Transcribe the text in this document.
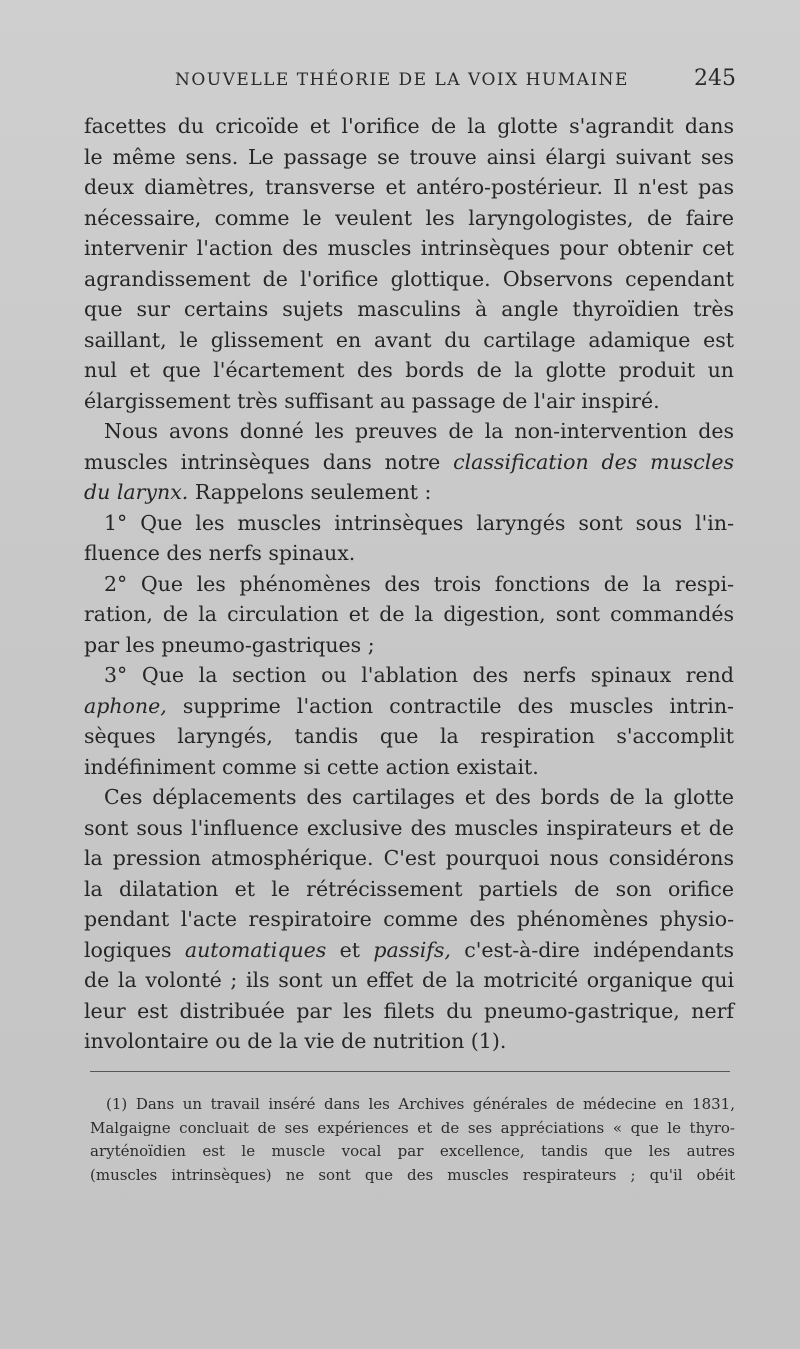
NOUVELLE THÉORIE DE LA VOIX HUMAINE	245
facettes du cricoïde et l'orifice de la glotte s'agrandit dans
le même sens. Le passage se trouve ainsi élargi suivant ses
deux diamètres, transverse et antéro-postérieur. Il n'est pas
nécessaire, comme le veulent les laryngologistes, de faire
intervenir l'action des muscles intrinsèques pour obtenir cet
agrandissement de l'orifice glottique. Observons cependant
que sur certains sujets masculins à angle thyroïdien très
saillant, le glissement en avant du cartilage adamique est
nul et que l'écartement des bords de la glotte produit un
élargissement très suffisant au passage de l'air inspiré.
Nous avons donné les preuves de la non-intervention des
muscles intrinsèques dans notre classification des muscles
du larynx. Rappelons seulement :
1° Que les muscles intrinsèques laryngés sont sous l'in-
fluence des nerfs spinaux.
2° Que les phénomènes des trois fonctions de la respi-
ration, de la circulation et de la digestion, sont commandés
par les pneumo-gastriques ;
3° Que la section ou l'ablation des nerfs spinaux rend
aphone, supprime l'action contractile des muscles intrin-
sèques laryngés, tandis que la respiration s'accomplit
indéfiniment comme si cette action existait.
Ces déplacements des cartilages et des bords de la glotte
sont sous l'influence exclusive des muscles inspirateurs et de
la pression atmosphérique. C'est pourquoi nous considérons
la dilatation et le rétrécissement partiels de son orifice
pendant l'acte respiratoire comme des phénomènes physio-
logiques automatiques et passifs, c'est-à-dire indépendants
de la volonté ; ils sont un effet de la motricité organique qui
leur est distribuée par les filets du pneumo-gastrique, nerf
involontaire ou de la vie de nutrition (1).
(1) Dans un travail inséré dans les Archives générales de médecine en 1831,
Malgaigne concluait de ses expériences et de ses appréciations « que le thyro-
aryténoïdien est le muscle vocal par excellence, tandis que les autres
(muscles intrinsèques) ne sont que des muscles respirateurs ; qu'il obéit
